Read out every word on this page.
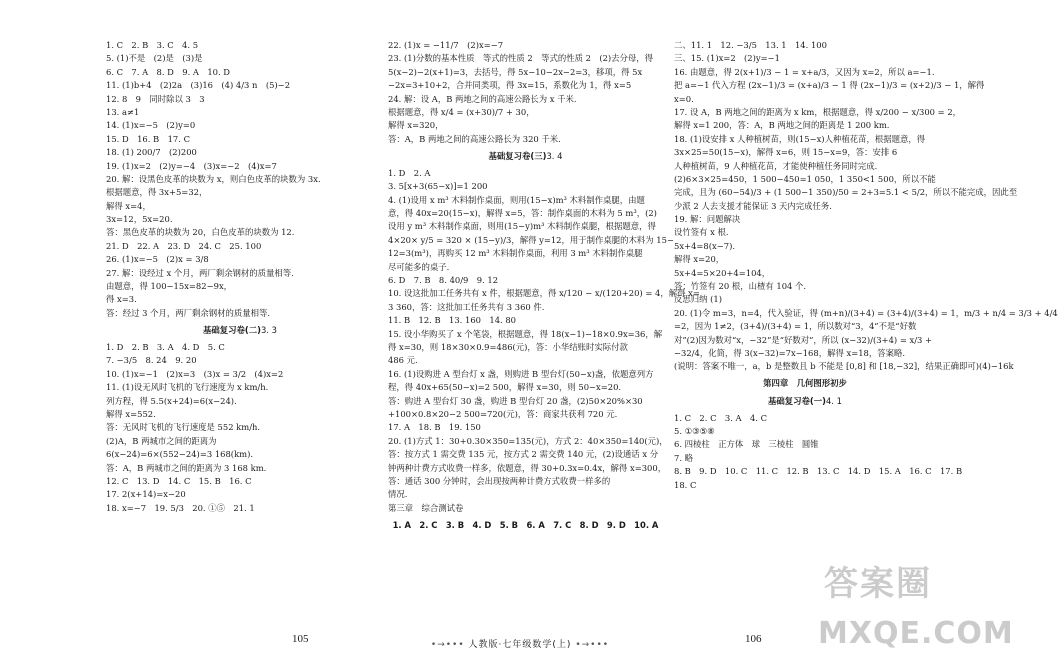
1. C　2. B　3. C　4. 5
5. (1)不是　(2)是　(3)是
6. C　7. A　8. D　9. A　10. D
11. (1)b+4　(2)2a　(3)16　(4) 4/3 n　(5)−2
12. 8　9　同时除以 3　3
13. a≠1
14. (1)x=−5　(2)y=0
15. D　16. B　17. C
18. (1) 200/7　(2)200
19. (1)x=2　(2)y=−4　(3)x=−2　(4)x=7
20. 解：设黑色皮革的块数为 x，则白色皮革的块数为 3x.
根据题意，得 3x+5=32，
解得 x=4，
3x=12，5x=20.
答：黑色皮革的块数为 20，白色皮革的块数为 12.
21. D　22. A　23. D　24. C　25. 100
26. (1)x=−5　(2)x = 3/8
27. 解：设经过 x 个月，两厂剩余钢材的质量相等.
由题意，得 100−15x=82−9x，
得 x=3.
答：经过 3 个月，两厂剩余钢材的质量相等.
基础复习卷(二)3. 3
1. D　2. B　3. A　4. D　5. C
7. −3/5　8. 24　9. 20
10. (1)x=−1　(2)x=3　(3)x = 3/2　(4)x=2
11. (1)设无风时飞机的飞行速度为 x km/h.
列方程，得 5.5(x+24)=6(x−24).
解得 x=552.
答：无风时飞机的飞行速度是 552 km/h.
(2)A，B 两城市之间的距离为
6(x−24)=6×(552−24)=3 168(km).
答：A，B 两城市之间的距离为 3 168 km.
12. C　13. D　14. C　15. B　16. C
17. 2(x+14)=x−20
18. x=−7　19. 5/3　20. ①⑤　21. 1
22. (1)x = −11/7　(2)x=−7
23. (1)分数的基本性质　等式的性质 2　等式的性质 2　(2)去分母，得
5(x−2)−2(x+1)=3，去括号，得 5x−10−2x−2=3，移项，得 5x
−2x=3+10+2，合并同类项，得 3x=15，系数化为 1，得 x=5
24. 解：设 A，B 两地之间的高速公路长为 x 千米.
根据题意，得 x/4 = (x+30)/7 + 30，
解得 x=320，
答：A，B 两地之间的高速公路长为 320 千米.
基础复习卷(三)3. 4
1. D　2. A
3. 5[x+3(65−x)]=1 200
4. (1)设用 x m³ 木料制作桌面，则用(15−x)m³ 木料制作桌腿，由题
意，得 40x=20(15−x)，解得 x=5，答：制作桌面的木料为 5 m³，(2)
设用 y m³ 木料制作桌面，则用(15−y)m³ 木料制作桌腿，根据题意，得
4×20× y/5 = 320 × (15−y)/3，解得 y=12，用于制作桌腿的木料为 15−
12=3(m³)，再购买 12 m³ 木料制作桌面，利用 3 m³ 木料制作桌腿
尽可能多的桌子.
6. D　7. B　8. 40/9　9. 12
10. 设这批加工任务共有 x 件，根据题意，得 x/120 − x/(120+20) = 4，解得 x=
3 360，答：这批加工任务共有 3 360 件.
11. B　12. B　13. 160　14. 80
15. 设小华购买了 x 个笔袋，根据题意，得 18(x−1)−18×0.9x=36，解
得 x=30，则 18×30×0.9=486(元)，答：小华结账时实际付款
486 元.
16. (1)设购进 A 型台灯 x 盏，则购进 B 型台灯(50−x)盏，依题意列方
程，得 40x+65(50−x)=2 500，解得 x=30，则 50−x=20.
答：购进 A 型台灯 30 盏，购进 B 型台灯 20 盏，(2)50×20%×30
+100×0.8×20−2 500=720(元)，答：商家共获利 720 元.
17. A　18. B　19. 150
20. (1)方式 1：30+0.30×350=135(元)，方式 2：40×350=140(元)，
答：按方式 1 需交费 135 元，按方式 2 需交费 140 元，(2)设通话 x 分
钟两种计费方式收费一样多，依题意，得 30+0.3x=0.4x，解得 x=300，
答：通话 300 分钟时，会出现按两种计费方式收费一样多的
情况.
第三章　综合测试卷
1. A　2. C　3. B　4. D　5. B　6. A　7. C　8. D　9. D　10. A
二、11. 1　12. −3/5　13. 1　14. 100
三、15. (1)x=2　(2)y=−1
16. 由题意，得 2(x+1)/3 − 1 = x+a/3，又因为 x=2，所以 a=−1.
把 a=−1 代入方程 (2x−1)/3 = (x+a)/3 − 1 得 (2x−1)/3 = (x+2)/3 − 1，解得
x=0.
17. 设 A，B 两地之间的距离为 x km，根据题意，得 x/200 − x/300 = 2，
解得 x=1 200，答：A，B 两地之间的距离是 1 200 km.
18. (1)设安排 x 人种植树苗，则(15−x)人种植花苗，根据题意，得
3x×25=50(15−x)，解得 x=6，则 15−x=9，答：安排 6
人种植树苗，9 人种植花苗，才能使种植任务同时完成.
(2)6×3×25=450，1 500−450=1 050，1 350<1 500，所以不能
完成，且为 (60−54)/3 + (1 500−1 350)/50 = 2+3=5.1 < 5/2，所以不能完成，因此至
少派 2 人去支援才能保证 3 天内完成任务.
19. 解：问题解决
设竹签有 x 根.
5x+4=8(x−7).
解得 x=20，
5x+4=5×20+4=104，
答：竹签有 20 根，山楂有 104 个.
反思归纳 (1)
20. (1)令 m=3，n=4，代入验证，得 (m+n)/(3+4) = (3+4)/(3+4) = 1，m/3 + n/4 = 3/3 + 4/4
=2，因为 1≠2，(3+4)/(3+4) = 1，所以数对“3，4”不是“好数
对”(2)因为数对“x，−32”是“好数对”，所以 (x−32)/(3+4) = x/3 +
−32/4，化简，得 3(x−32)=7x−168，解得 x=18，答案略.
(说明：答案不唯一，a，b 是整数且 b 不能是 [0,8] 和 [18,−32]，结果正确即可)(4)−16k
第四章　几何图形初步
基础复习卷(一)4. 1
1. C　2. C　3. A　4. C
5. ①③⑤⑧
6. 四棱柱　正方体　球　三棱柱　圆锥
7. 略
8. B　9. D　10. C　11. C　12. B　13. C　14. D　15. A　16. C　17. B
18. C
105	106
•→••• 人教版·七年级数学(上) •→•••
答案圈
MXQE.COM
